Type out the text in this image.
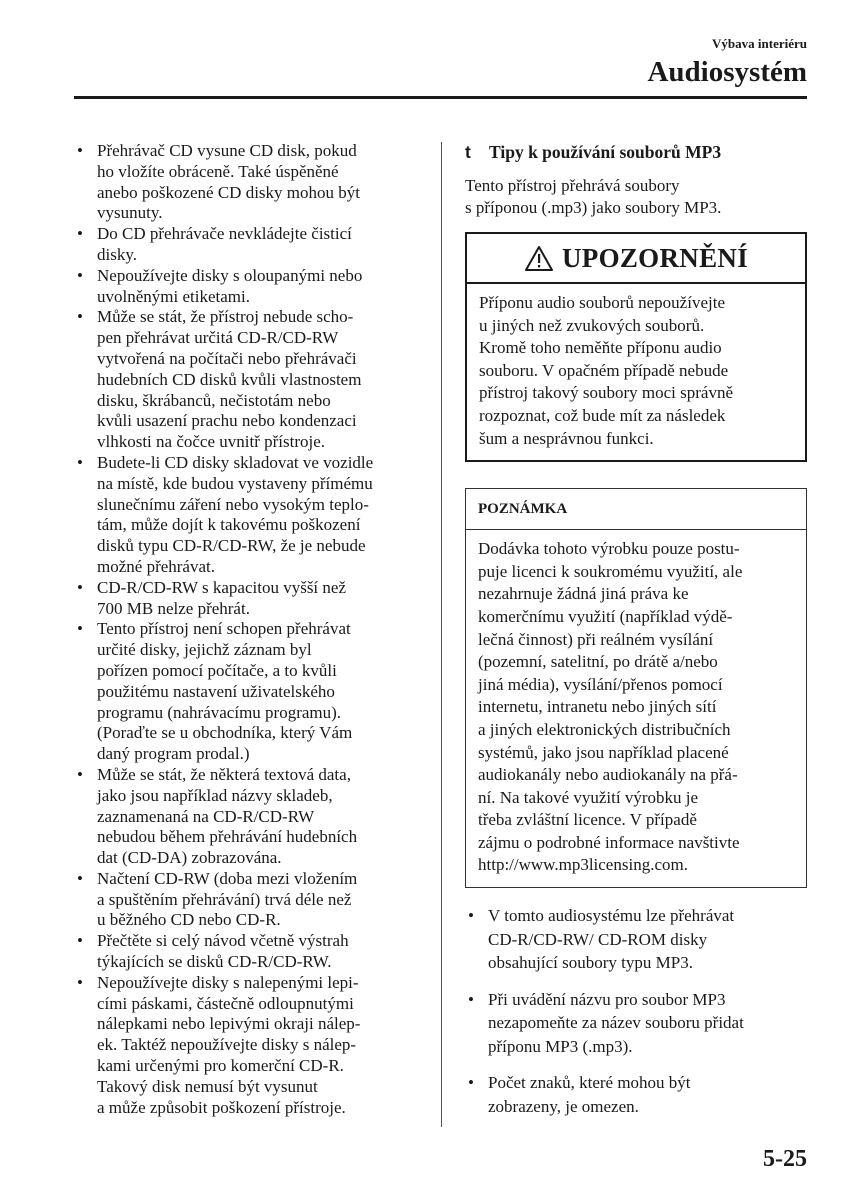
Výbava interiéru
Audiosystém
• Přehrávač CD vysune CD disk, pokud
ho vložíte obráceně. Také úspěněné
anebo poškozené CD disky mohou být
vysunuty.
• Do CD přehrávače nevkládejte čisticí
disky.
• Nepoužívejte disky s oloupanými nebo
uvolněnými etiketami.
• Může se stát, že přístroj nebude scho-
pen přehrávat určitá CD-R/CD-RW
vytvořená na počítači nebo přehrávači
hudebních CD disků kvůli vlastnostem
disku, škrábanců, nečistotám nebo
kvůli usazení prachu nebo kondenzaci
vlhkosti na čočce uvnitř přístroje.
• Budete-li CD disky skladovat ve vozidle
na místě, kde budou vystaveny přímému
slunečnímu záření nebo vysokým teplo-
tám, může dojít k takovému poškození
disků typu CD-R/CD-RW, že je nebude
možné přehrávat.
• CD-R/CD-RW s kapacitou vyšší než
700 MB nelze přehrát.
• Tento přístroj není schopen přehrávat
určité disky, jejichž záznam byl
pořízen pomocí počítače, a to kvůli
použitému nastavení uživatelského
programu (nahrávacímu programu).
(Poraďte se u obchodníka, který Vám
daný program prodal.)
• Může se stát, že některá textová data,
jako jsou například názvy skladeb,
zaznamenaná na CD-R/CD-RW
nebudou během přehrávání hudebních
dat (CD-DA) zobrazována.
• Načtení CD-RW (doba mezi vložením
a spuštěním přehrávání) trvá déle než
u běžného CD nebo CD-R.
• Přečtěte si celý návod včetně výstrah
týkajících se disků CD-R/CD-RW.
• Nepoužívejte disky s nalepenými lepi-
cími páskami, částečně odloupnutými
nálepkami nebo lepivými okraji nálep-
ek. Taktéž nepoužívejte disky s nálep-
kami určenými pro komerční CD-R.
Takový disk nemusí být vysunut
a může způsobit poškození přístroje.
t	Tipy k používání souborů MP3
Tento přístroj přehrává soubory
s příponou (.mp3) jako soubory MP3.
UPOZORNĚNÍ
Příponu audio souborů nepoužívejte
u jiných než zvukových souborů.
Kromě toho neměňte příponu audio
souboru. V opačném případě nebude
přístroj takový soubory moci správně
rozpoznat, což bude mít za následek
šum a nesprávnou funkci.
POZNÁMKA
Dodávka tohoto výrobku pouze postu-
puje licenci k soukromému využití, ale
nezahrnuje žádná jiná práva ke
komerčnímu využití (například výdě-
lečná činnost) při reálném vysílání
(pozemní, satelitní, po drátě a/nebo
jiná média), vysílání/přenos pomocí
internetu, intranetu nebo jiných sítí
a jiných elektronických distribučních
systémů, jako jsou například placené
audiokanály nebo audiokanály na přá-
ní. Na takové využití výrobku je
třeba zvláštní licence. V případě
zájmu o podrobné informace navštivte
http://www.mp3licensing.com.
• V tomto audiosystému lze přehrávat
CD-R/CD-RW/ CD-ROM disky
obsahující soubory typu MP3.
• Při uvádění názvu pro soubor MP3
nezapomeňte za název souboru přidat
příponu MP3 (.mp3).
• Počet znaků, které mohou být
zobrazeny, je omezen.
5-25
